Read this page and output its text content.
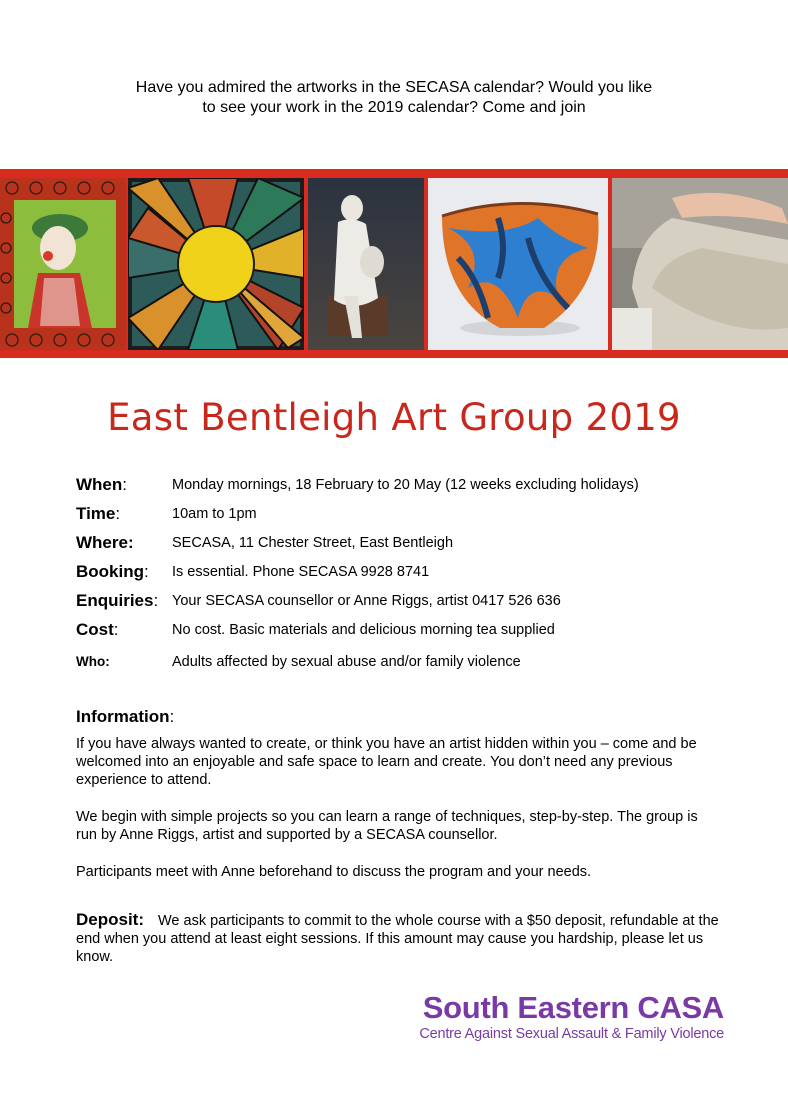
Have you admired the artworks in the SECASA calendar? Would you like
to see your work in the 2019 calendar? Come and join
East Bentleigh Art Group 2019
When:	Monday mornings, 18 February to 20 May (12 weeks excluding holidays)
Time:	10am to 1pm
Where:	SECASA, 11 Chester Street, East Bentleigh
Booking: Is essential. Phone SECASA 9928 8741
Enquiries: Your SECASA counsellor or Anne Riggs, artist 0417 526 636
Cost:	No cost. Basic materials and delicious morning tea supplied
Who:	Adults affected by sexual abuse and/or family violence
Information:
If you have always wanted to create, or think you have an artist hidden within you – come and be welcomed into an enjoyable and safe space to learn and create. You don’t need any previous experience to attend.
We begin with simple projects so you can learn a range of techniques, step-by-step. The group is run by Anne Riggs, artist and supported by a SECASA counsellor.
Participants meet with Anne beforehand to discuss the program and your needs.
Deposit: We ask participants to commit to the whole course with a $50 deposit, refundable at the end when you attend at least eight sessions. If this amount may cause you hardship, please let us know.
South Eastern CASA
Centre Against Sexual Assault & Family Violence
